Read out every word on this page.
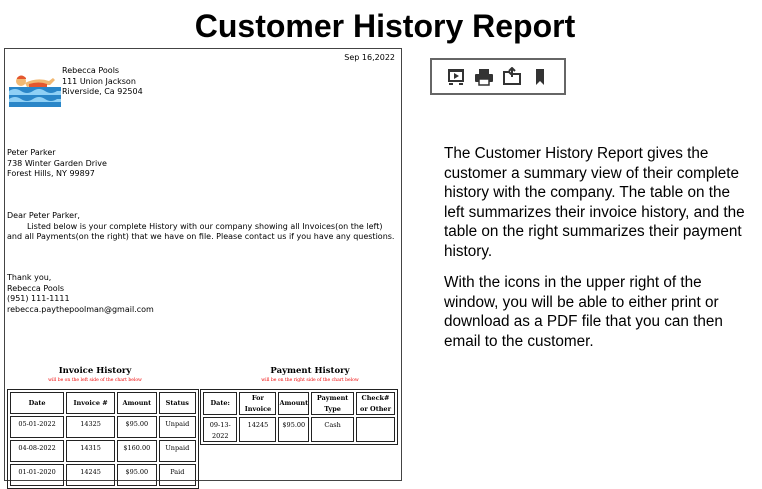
Customer History Report
Sep 16,2022
Rebecca Pools
111 Union Jackson
Riverside, Ca 92504
Peter Parker
738 Winter Garden Drive
Forest Hills, NY 99897
Dear Peter Parker,
Listed below is your complete History with our company showing all Invoices(on the left) and all Payments(on the right) that we have on file. Please contact us if you have any questions.
Thank you,
Rebecca Pools
(951) 111-1111
rebecca.paythepoolman@gmail.com
Invoice History
will be on the left side of the chart below
Payment History
will be on the right side of the chart below
Date	Invoice #	Amount	Status
05-01-2022	14325	$95.00	Unpaid
04-08-2022	14315	$160.00	Unpaid
01-01-2020	14245	$95.00	Paid
Date:	For Invoice	Amount	Payment Type	Check# or Other
09-13-2022	14245	$95.00	Cash	

The Customer History Report gives the customer a summary view of their complete history with the company. The table on the left summarizes their invoice history, and the table on the right summarizes their payment history.

With the icons in the upper right of the window, you will be able to either print or download as a PDF file that you can then email to the customer.
